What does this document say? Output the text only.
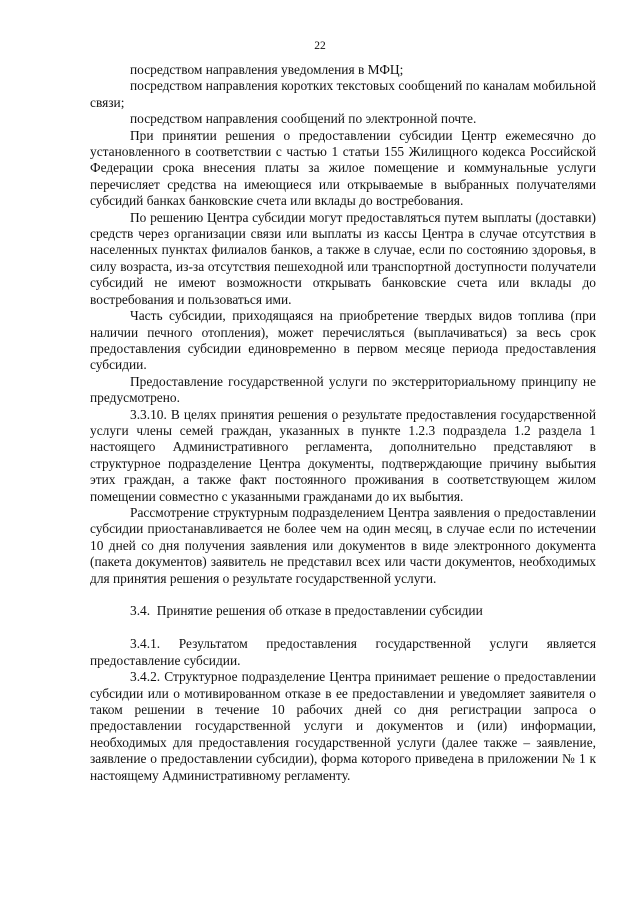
22

посредством направления уведомления в МФЦ;

посредством направления коротких текстовых сообщений по каналам мобильной связи;

посредством направления сообщений по электронной почте.

При принятии решения о предоставлении субсидии Центр ежемесячно до установленного в соответствии с частью 1 статьи 155 Жилищного кодекса Российской Федерации срока внесения платы за жилое помещение и коммунальные услуги перечисляет средства на имеющиеся или открываемые в выбранных получателями субсидий банках банковские счета или вклады до востребования.

По решению Центра субсидии могут предоставляться путем выплаты (доставки) средств через организации связи или выплаты из кассы Центра в случае отсутствия в населенных пунктах филиалов банков, а также в случае, если по состоянию здоровья, в силу возраста, из-за отсутствия пешеходной или транспортной доступности получатели субсидий не имеют возможности открывать банковские счета или вклады до востребования и пользоваться ими.

Часть субсидии, приходящаяся на приобретение твердых видов топлива (при наличии печного отопления), может перечисляться (выплачиваться) за весь срок предоставления субсидии единовременно в первом месяце периода предоставления субсидии.

Предоставление государственной услуги по экстерриториальному принципу не предусмотрено.

3.3.10. В целях принятия решения о результате предоставления государственной услуги члены семей граждан, указанных в пункте 1.2.3 подраздела 1.2 раздела 1 настоящего Административного регламента, дополнительно представляют в структурное подразделение Центра документы, подтверждающие причину выбытия этих граждан, а также факт постоянного проживания в соответствующем жилом помещении совместно с указанными гражданами до их выбытия.

Рассмотрение структурным подразделением Центра заявления о предоставлении субсидии приостанавливается не более чем на один месяц, в случае если по истечении 10 дней со дня получения заявления или документов в виде электронного документа (пакета документов) заявитель не представил всех или части документов, необходимых для принятия решения о результате государственной услуги.

3.4. Принятие решения об отказе в предоставлении субсидии

3.4.1. Результатом предоставления государственной услуги является предоставление субсидии.

3.4.2. Структурное подразделение Центра принимает решение о предоставлении субсидии или о мотивированном отказе в ее предоставлении и уведомляет заявителя о таком решении в течение 10 рабочих дней со дня регистрации запроса о предоставлении государственной услуги и документов и (или) информации, необходимых для предоставления государственной услуги (далее также – заявление, заявление о предоставлении субсидии), форма которого приведена в приложении № 1 к настоящему Административному регламенту.
